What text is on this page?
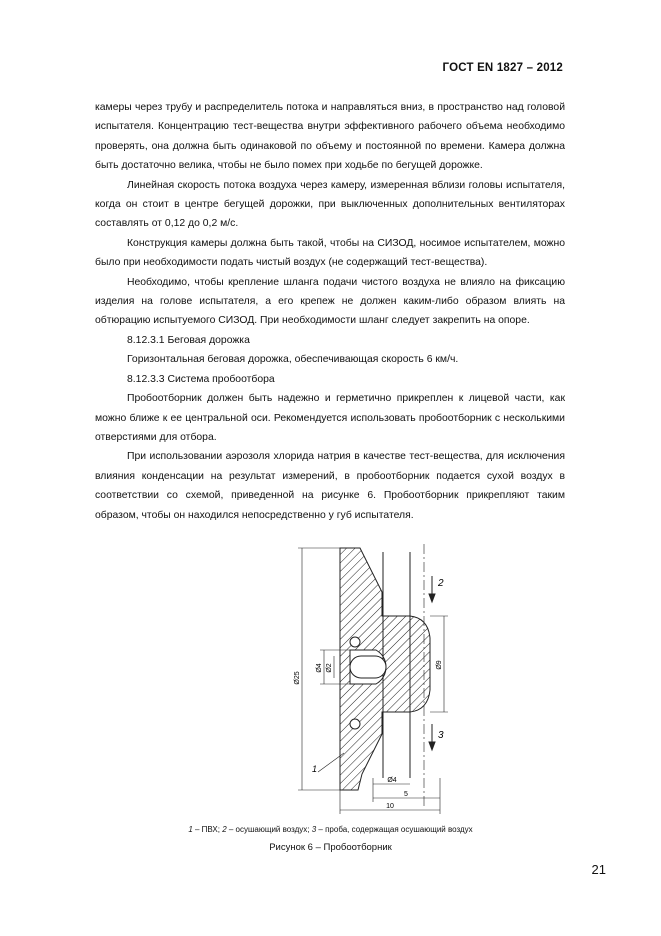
ГОСТ EN 1827 – 2012

камеры через трубу и распределитель потока и направляться вниз, в пространство над головой испытателя. Концентрацию тест-вещества внутри эффективного рабочего объема необходимо проверять, она должна быть одинаковой по объему и постоянной по времени. Камера должна быть достаточно велика, чтобы не было помех при ходьбе по бегущей дорожке.

Линейная скорость потока воздуха через камеру, измеренная вблизи головы испытателя, когда он стоит в центре бегущей дорожки, при выключенных дополнительных вентиляторах составлять от 0,12 до 0,2 м/с.

Конструкция камеры должна быть такой, чтобы на СИЗОД, носимое испытателем, можно было при необходимости подать чистый воздух (не содержащий тест-вещества).

Необходимо, чтобы крепление шланга подачи чистого воздуха не влияло на фиксацию изделия на голове испытателя, а его крепеж не должен каким-либо образом влиять на обтюрацию испытуемого СИЗОД. При необходимости шланг следует закрепить на опоре.

8.12.3.1 Беговая дорожка

Горизонтальная беговая дорожка, обеспечивающая скорость 6 км/ч.

8.12.3.3 Система пробоотбора

Пробоотборник должен быть надежно и герметично прикреплен к лицевой части, как можно ближе к ее центральной оси. Рекомендуется использовать пробоотборник с несколькими отверстиями для отбора.

При использовании аэрозоля хлорида натрия в качестве тест-вещества, для исключения влияния конденсации на результат измерений, в пробоотборник подается сухой воздух в соответствии со схемой, приведенной на рисунке 6. Пробоотборник прикрепляют таким образом, чтобы он находился непосредственно у губ испытателя.

Ø25
Ø4 Ø2	Ø9
Ø4
5
10
1
2
3
1 – ПВХ; 2 – осушающий воздух; 3 – проба, содержащая осушающий воздух
Рисунок 6 – Пробоотборник
21
